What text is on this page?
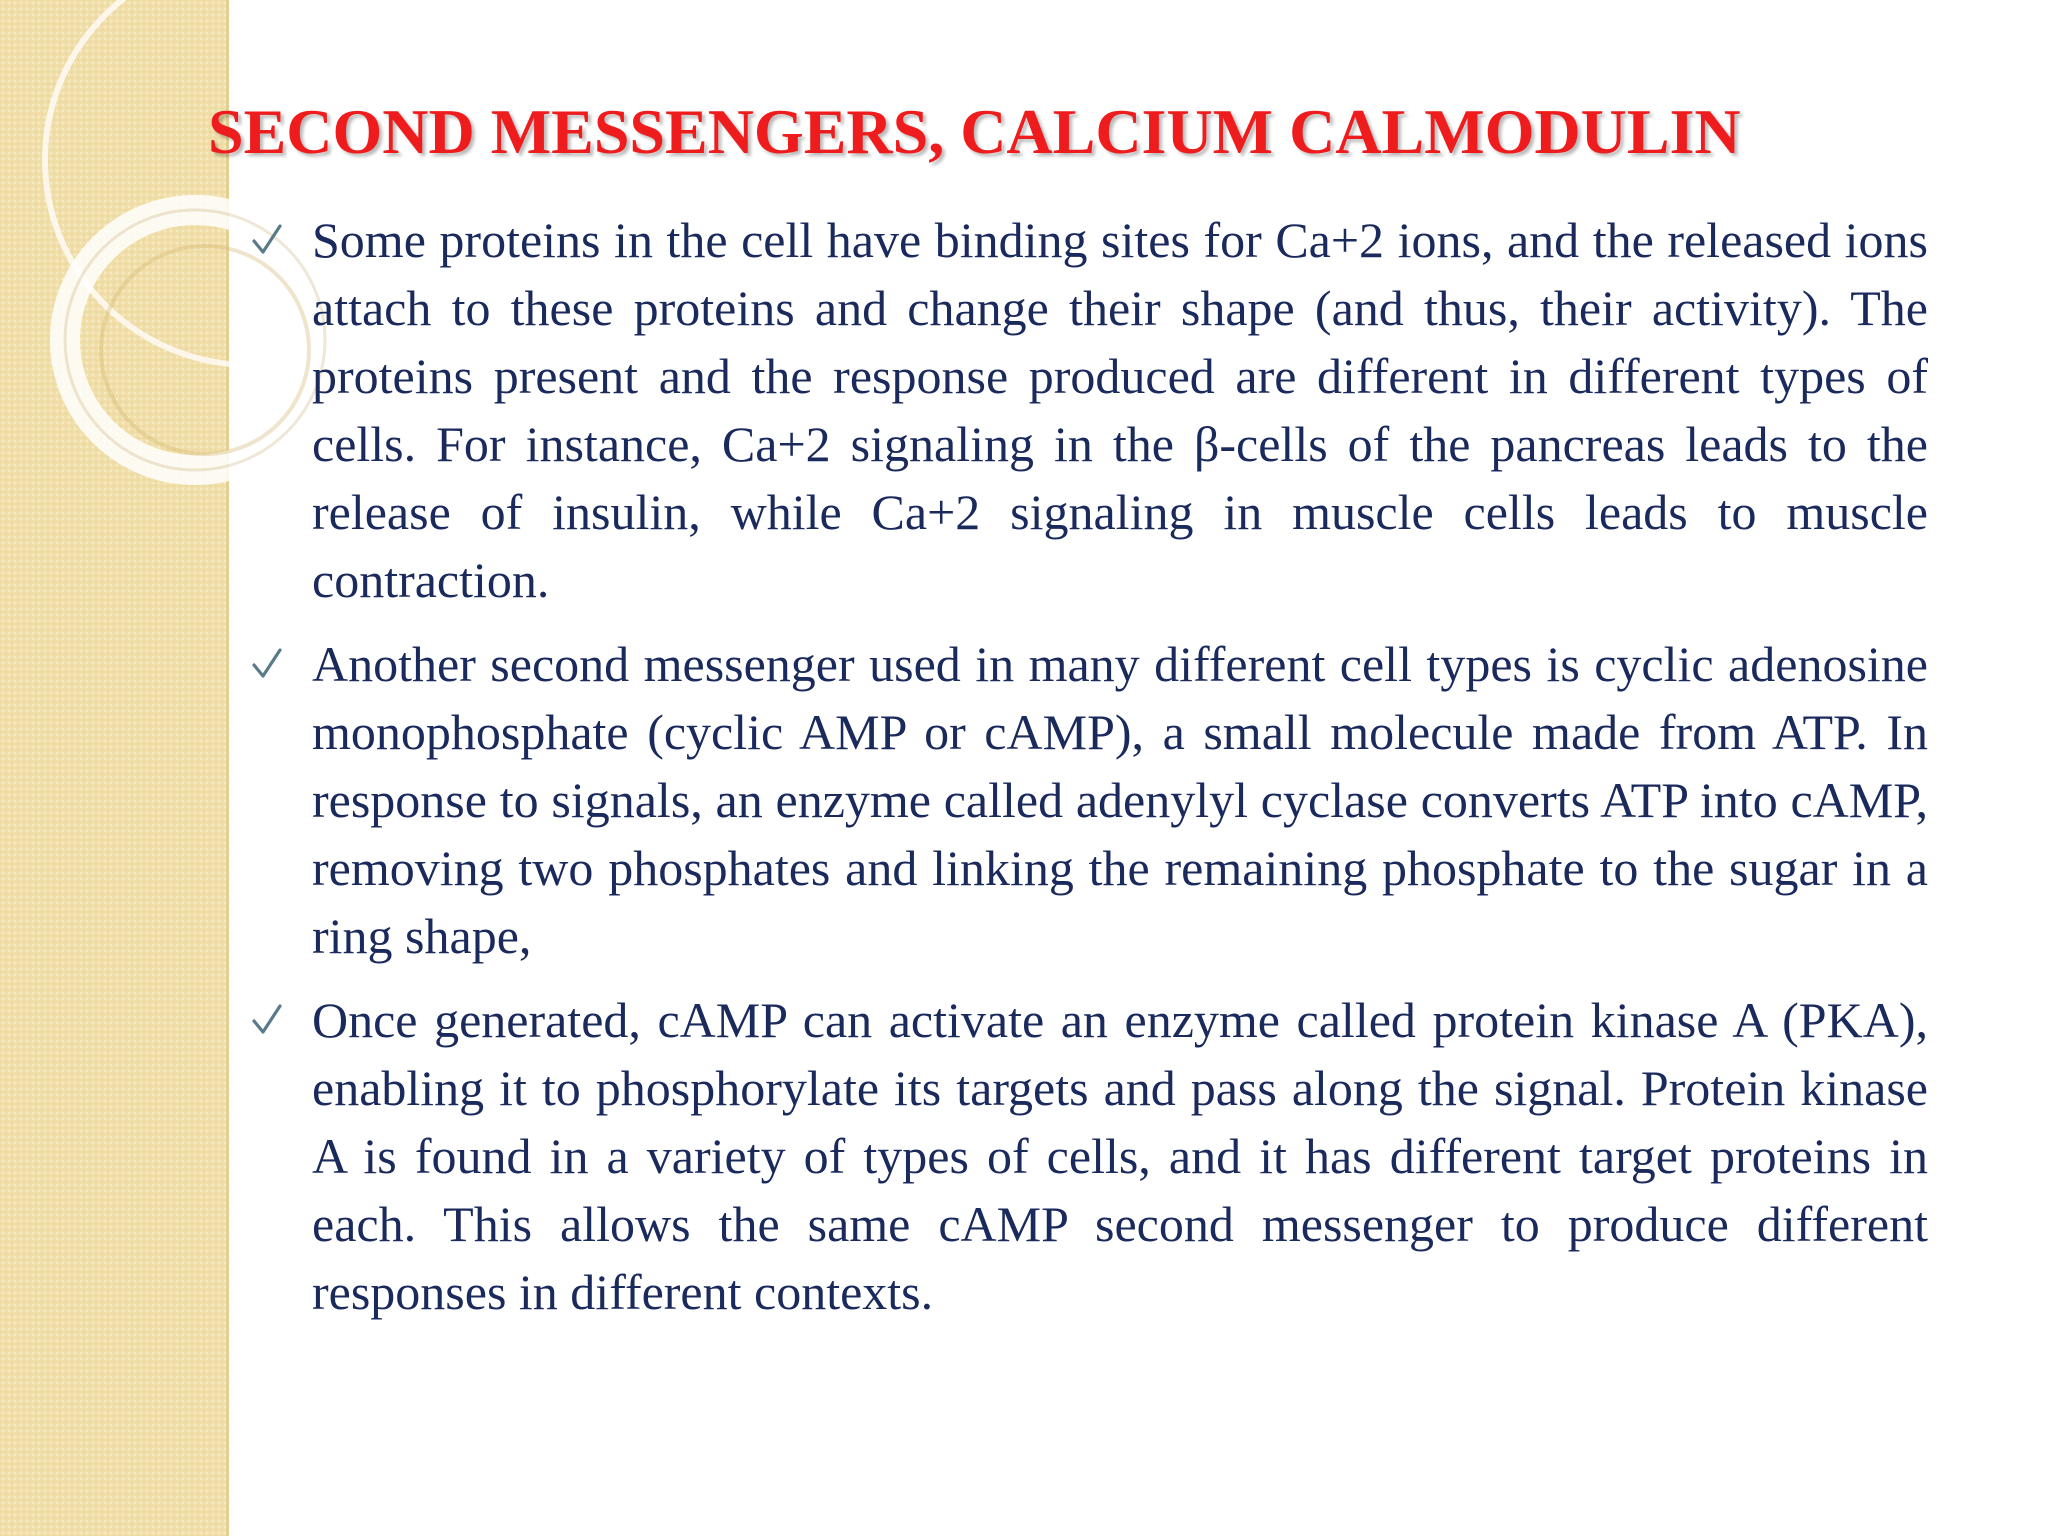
SECOND MESSENGERS, CALCIUM CALMODULIN
Some proteins in the cell have binding sites for Ca+2 ions, and the released ions attach to these proteins and change their shape (and thus, their activity). The proteins present and the response produced are different in different types of cells. For instance, Ca+2 signaling in the β-cells of the pancreas leads to the release of insulin, while Ca+2 signaling in muscle cells leads to muscle contraction.
Another second messenger used in many different cell types is cyclic adenosine monophosphate (cyclic AMP or cAMP), a small molecule made from ATP. In response to signals, an enzyme called adenylyl cyclase converts ATP into cAMP, removing two phosphates and linking the remaining phosphate to the sugar in a ring shape,
Once generated, cAMP can activate an enzyme called protein kinase A (PKA), enabling it to phosphorylate its targets and pass along the signal. Protein kinase A is found in a variety of types of cells, and it has different target proteins in each. This allows the same cAMP second messenger to produce different responses in different contexts.
